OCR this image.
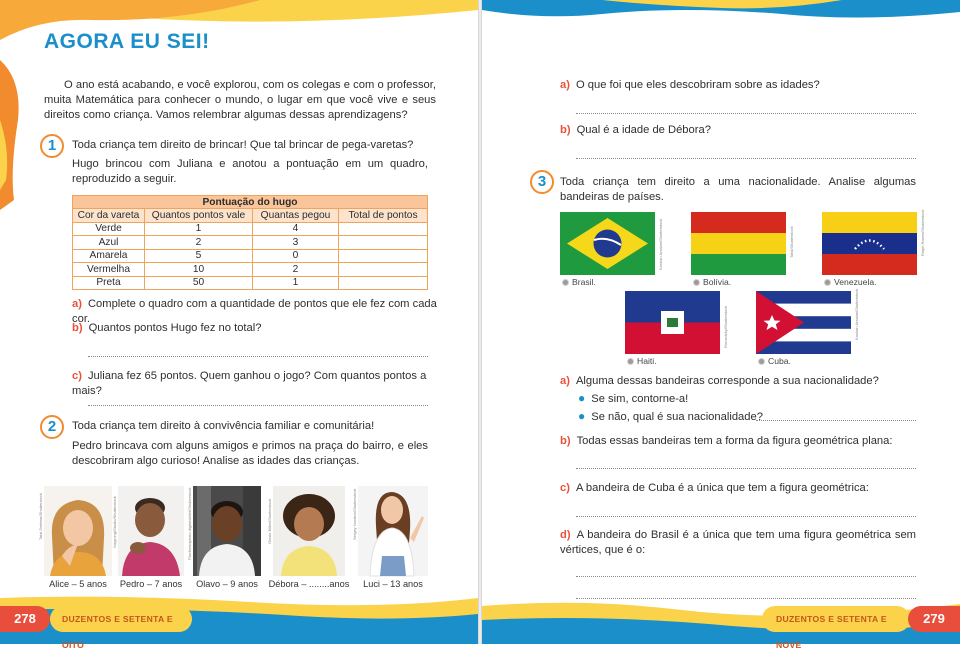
AGORA EU SEI!
O ano está acabando, e você explorou, com os colegas e com o professor, muita Matemática para conhecer o mundo, o lugar em que você vive e seus direitos como criança. Vamos relembrar algumas dessas aprendizagens?
1	Toda criança tem direito de brincar! Que tal brincar de pega-varetas?
Hugo brincou com Juliana e anotou a pontuação em um quadro, reproduzido a seguir.
Pontuação do hugo			
Cor da vareta	Quantos pontos vale	Quantas pegou	Total de pontos
Verde	1	4	
Azul	2	3	
Amarela	5	0	
Vermelha	10	2	
Preta	50	1	
a) Complete o quadro com a quantidade de pontos que ele fez com cada cor.
b) Quantos pontos Hugo fez no total?
c) Juliana fez 65 pontos. Quem ganhou o jogo? Com quantos pontos a mais?
2	Toda criança tem direito à convivência familiar e comunitária!
Pedro brincava com alguns amigos e primos na praça do bairro, e eles descobriram algo curioso! Analise as idades das crianças.
Tatsi Dettmar/Shutterstock	Naypong/Studio/Shutterstock	Pixelheadphoto digitalskillet/Shutterstock	Olesia Bilkei/Shutterstock	Sergey Novikov/Shutterstock
Alice – 5 anos	Pedro – 7 anos	Olavo – 9 anos	Débora – ........anos	Luci – 13 anos
278	DUZENTOS E SETENTA E OITO
a) O que foi que eles descobriram sobre as idades?
b) Qual é a idade de Débora?
3	Toda criança tem direito a uma nacionalidade. Analise algumas bandeiras de países.
Kashan Arsalan/Shutterstock	Tatsi/Shutterstock	Ralph Raven/Shutterstock
Rorozdzky/Shutterstock	Kashan Arsalan/Shutterstock
Brasil.	Bolívia.	Venezuela.
Haiti.	Cuba.
a) Alguma dessas bandeiras corresponde a sua nacionalidade?
● Se sim, contorne-a!
● Se não, qual é sua nacionalidade?
b) Todas essas bandeiras tem a forma da figura geométrica plana:
c) A bandeira de Cuba é a única que tem a figura geométrica:
d) A bandeira do Brasil é a única que tem uma figura geométrica sem vértices, que é o:
DUZENTOS E SETENTA E NOVE
279
